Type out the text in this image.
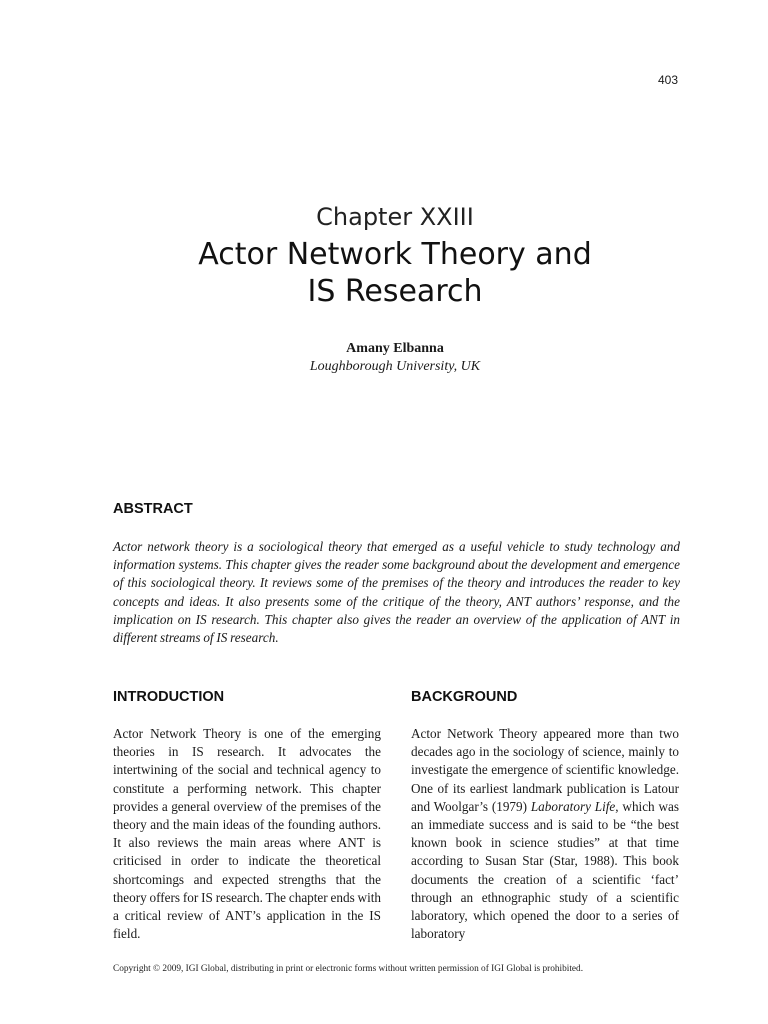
403
Chapter XXIII
Actor Network Theory and
IS Research
Amany Elbanna
Loughborough University, UK
ABSTRACT
Actor network theory is a sociological theory that emerged as a useful vehicle to study technology and information systems. This chapter gives the reader some background about the development and emergence of this sociological theory. It reviews some of the premises of the theory and introduces the reader to key concepts and ideas. It also presents some of the critique of the theory, ANT authors’ response, and the implication on IS research. This chapter also gives the reader an overview of the application of ANT in different streams of IS research.
INTRODUCTION
Actor Network Theory is one of the emerging theories in IS research. It advocates the intertwining of the social and technical agency to constitute a performing network. This chapter provides a general overview of the premises of the theory and the main ideas of the founding authors. It also reviews the main areas where ANT is criticised in order to indicate the theoretical shortcomings and expected strengths that the theory offers for IS research. The chapter ends with a critical review of ANT’s application in the IS field.
BACKGROUND
Actor Network Theory appeared more than two decades ago in the sociology of science, mainly to investigate the emergence of scientific knowledge. One of its earliest landmark publication is Latour and Woolgar’s (1979) Laboratory Life, which was an immediate success and is said to be “the best known book in science studies” at that time according to Susan Star (Star, 1988). This book documents the creation of a scientific ‘fact’ through an ethnographic study of a scientific laboratory, which opened the door to a series of laboratory
Copyright © 2009, IGI Global, distributing in print or electronic forms without written permission of IGI Global is prohibited.
